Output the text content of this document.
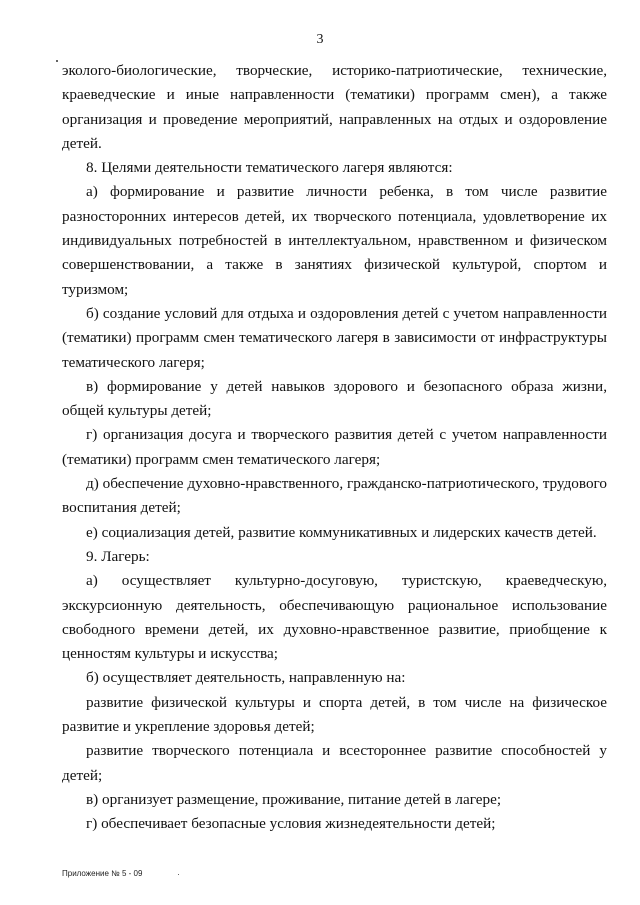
3

эколого-биологические, творческие, историко-патриотические, технические, краеведческие и иные направленности (тематики) программ смен), а также организация и проведение мероприятий, направленных на отдых и оздоровление детей.

8. Целями деятельности тематического лагеря являются:

а) формирование и развитие личности ребенка, в том числе развитие разносторонних интересов детей, их творческого потенциала, удовлетворение их индивидуальных потребностей в интеллектуальном, нравственном и физическом совершенствовании, а также в занятиях физической культурой, спортом и туризмом;

б) создание условий для отдыха и оздоровления детей с учетом направленности (тематики) программ смен тематического лагеря в зависимости от инфраструктуры тематического лагеря;

в) формирование у детей навыков здорового и безопасного образа жизни, общей культуры детей;

г) организация досуга и творческого развития детей с учетом направленности (тематики) программ смен тематического лагеря;

д) обеспечение духовно-нравственного, гражданско-патриотического, трудового воспитания детей;

е) социализация детей, развитие коммуникативных и лидерских качеств детей.

9. Лагерь:

а) осуществляет культурно-досуговую, туристскую, краеведческую, экскурсионную деятельность, обеспечивающую рациональное использование свободного времени детей, их духовно-нравственное развитие, приобщение к ценностям культуры и искусства;

б) осуществляет деятельность, направленную на:

развитие физической культуры и спорта детей, в том числе на физическое развитие и укрепление здоровья детей;

развитие творческого потенциала и всестороннее развитие способностей у детей;

в) организует размещение, проживание, питание детей в лагере;

г) обеспечивает безопасные условия жизнедеятельности детей;

Приложение № 5 - 09
